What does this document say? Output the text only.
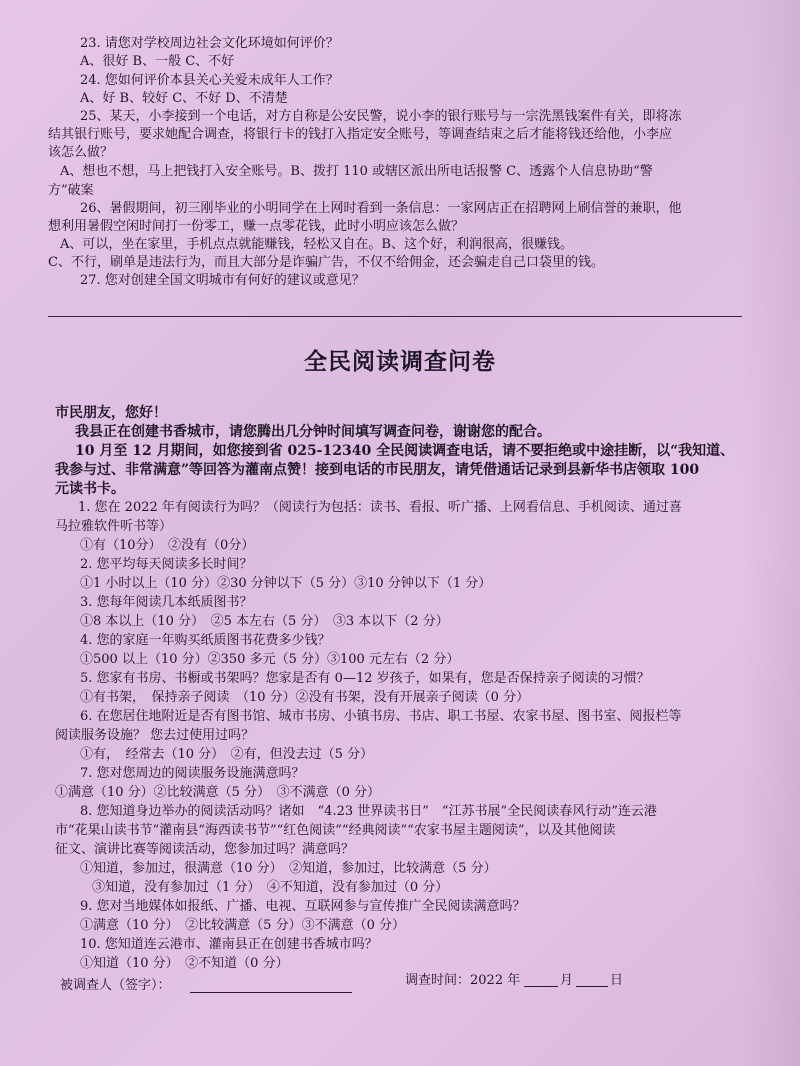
23. 请您对学校周边社会文化环境如何评价？
A、很好 B、一般 C、不好
24. 您如何评价本县关心关爱未成年人工作？
A、好 B、较好 C、不好 D、不清楚
25、某天，小李接到一个电话，对方自称是公安民警，说小李的银行账号与一宗洗黑钱案件有关，即将冻
结其银行账号，要求她配合调查，将银行卡的钱打入指定安全账号，等调查结束之后才能将钱还给他，小李应
该怎么做？
A、想也不想，马上把钱打入安全账号。B、拨打 110 或辖区派出所电话报警 C、透露个人信息协助“警
方”破案
26、暑假期间，初三刚毕业的小明同学在上网时看到一条信息：一家网店正在招聘网上刷信誉的兼职，他
想利用暑假空闲时间打一份零工，赚一点零花钱，此时小明应该怎么做？
A、可以，坐在家里，手机点点就能赚钱，轻松又自在。B、这个好，利润很高，很赚钱。
C、不行，刷单是违法行为，而且大部分是诈骗广告，不仅不给佣金，还会骗走自己口袋里的钱。
27. 您对创建全国文明城市有何好的建议或意见？
全民阅读调查问卷
市民朋友，您好！
我县正在创建书香城市，请您腾出几分钟时间填写调查问卷，谢谢您的配合。
10 月至 12 月期间，如您接到省 025-12340 全民阅读调查电话，请不要拒绝或中途挂断，以“我知道、
我参与过、非常满意”等回答为灌南点赞！接到电话的市民朋友，请凭借通话记录到县新华书店领取 100
元读书卡。
1. 您在 2022 年有阅读行为吗？（阅读行为包括：读书、看报、听广播、上网看信息、手机阅读、通过喜
马拉雅软件听书等）
①有（10分）　②没有（0分）
2. 您平均每天阅读多长时间？
①1 小时以上（10 分）②30 分钟以下（5 分）③10 分钟以下（1 分）
3. 您每年阅读几本纸质图书？
①8 本以上（10 分）　②5 本左右（5 分）　③3 本以下（2 分）
4. 您的家庭一年购买纸质图书花费多少钱？
①500 以上（10 分）②350 多元（5 分）③100 元左右（2 分）
5. 您家有书房、书橱或书架吗？您家是否有 0—12 岁孩子，如果有，您是否保持亲子阅读的习惯？
①有书架，　保持亲子阅读　（10 分）②没有书架，没有开展亲子阅读（0 分）
6. 在您居住地附近是否有图书馆、城市书房、小镇书房、书店、职工书屋、农家书屋、图书室、阅报栏等
阅读服务设施？ 您去过使用过吗？
①有，　经常去（10 分）　②有，但没去过（5 分）
7. 您对您周边的阅读服务设施满意吗？
①满意（10 分）②比较满意（5 分）　③不满意（0 分）
8. 您知道身边举办的阅读活动吗？诸如　“4.23 世界读书日”　“江苏书展”全民阅读春风行动”连云港
市“花果山读书节”灌南县“海西读书节”“红色阅读”“经典阅读”“农家书屋主题阅读”，以及其他阅读
征文、演讲比赛等阅读活动，您参加过吗？满意吗？
①知道，参加过，很满意（10 分）　②知道，参加过，比较满意（5 分）
③知道，没有参加过（1 分）　④不知道，没有参加过（0 分）
9. 您对当地媒体如报纸、广播、电视、互联网参与宣传推广全民阅读满意吗？
①满意（10 分）　②比较满意（5 分）③不满意（0 分）
10. 您知道连云港市、灌南县正在创建书香城市吗？
①知道（10 分）　②不知道（0 分）
被调查人（签字）：	调查时间：2022 年	月	日
